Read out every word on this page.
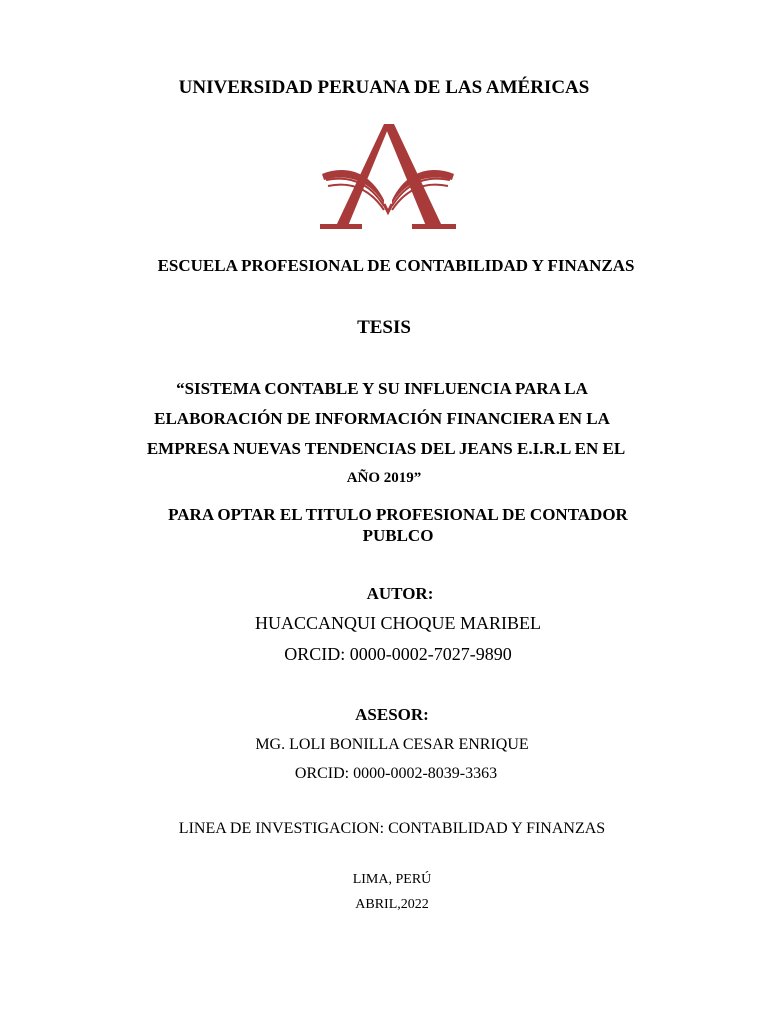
UNIVERSIDAD PERUANA DE LAS AMÉRICAS
ESCUELA PROFESIONAL DE CONTABILIDAD Y FINANZAS
TESIS
“SISTEMA CONTABLE Y SU INFLUENCIA PARA LA
ELABORACIÓN DE INFORMACIÓN FINANCIERA EN LA
EMPRESA NUEVAS TENDENCIAS DEL JEANS E.I.R.L EN EL
AÑO 2019”
PARA OPTAR EL TITULO PROFESIONAL DE CONTADOR
PUBLCO
AUTOR:
HUACCANQUI CHOQUE MARIBEL
ORCID: 0000-0002-7027-9890
ASESOR:
MG. LOLI BONILLA CESAR ENRIQUE
ORCID: 0000-0002-8039-3363
LINEA DE INVESTIGACION: CONTABILIDAD Y FINANZAS
LIMA, PERÚ
ABRIL,2022
